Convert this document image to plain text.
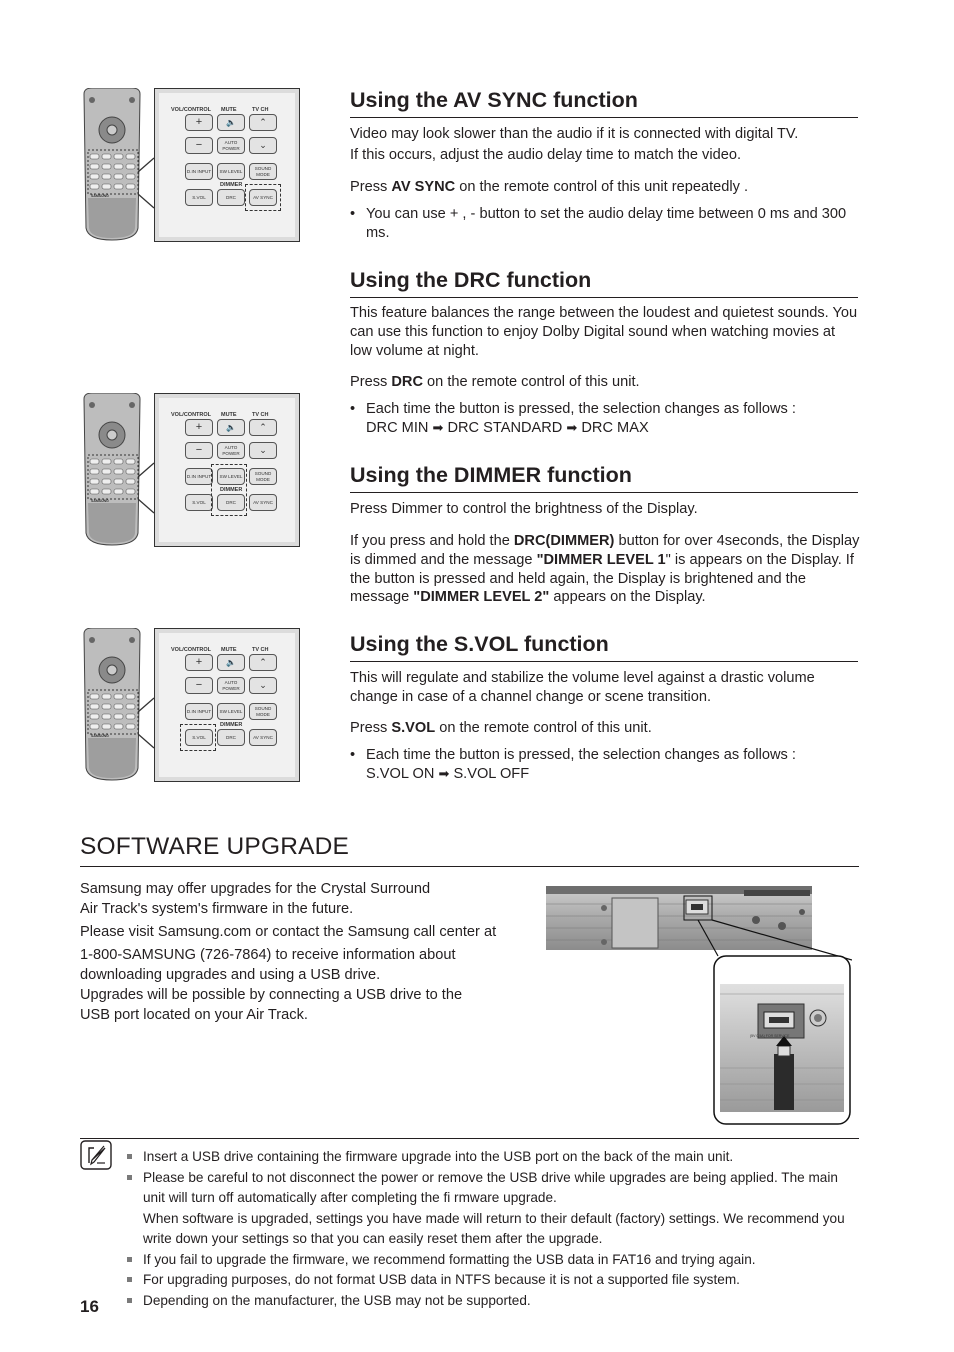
SAMSUNG
VOL/CONTROL MUTE	TV CH
+	🔈	⌃
−	AUTO POWER	⌄
D.IN INPUT	SW LEVEL
SOUND MODE
DIMMER
S.VOL	DRC	AV SYNC
SAMSUNG
VOL/CONTROL MUTE	TV CH
+	🔈	⌃
−	AUTO POWER	⌄
D.IN INPUT	SW LEVEL
SOUND MODE
DIMMER
S.VOL	DRC	AV SYNC
SAMSUNG
VOL/CONTROL MUTE	TV CH
+	🔈	⌃
−	AUTO POWER	⌄
D.IN INPUT	SW LEVEL
SOUND MODE
DIMMER
S.VOL	DRC	AV SYNC
Using the AV SYNC function

Video may look slower than the audio if it is connected with digital TV.

If this occurs, adjust the audio delay time to match the video.

Press AV SYNC on the remote control of this unit repeatedly .

• You can use + , - button to set the audio delay time between 0 ms and 300 ms.

Using the DRC function

This feature balances the range between the loudest and quietest sounds. You can use this function to enjoy Dolby Digital sound when watching movies at low volume at night.

Press DRC on the remote control of this unit.

• Each time the button is pressed, the selection changes as follows :
DRC MIN ➡ DRC STANDARD ➡ DRC MAX

Using the DIMMER function

Press Dimmer to control the brightness of the Display.

If you press and hold the DRC(DIMMER) button for over 4seconds, the Display is dimmed and the message "DIMMER LEVEL 1" is appears on the Display. If the button is pressed and held again, the Display is brightened and the message "DIMMER LEVEL 2" appears on the Display.

Using the S.VOL function

This will regulate and stabilize the volume level against a drastic volume change in case of a channel change or scene transition.

Press S.VOL on the remote control of this unit.

• Each time the button is pressed, the selection changes as follows :
S.VOL ON ➡ S.VOL OFF

SOFTWARE UPGRADE

Samsung may offer upgrades for the Crystal Surround

Air Track's system's firmware in the future.

Please visit Samsung.com or contact the Samsung call center at

1-800-SAMSUNG (726-7864) to receive information about

downloading upgrades and using a USB drive.

Upgrades will be possible by connecting a USB drive to the

USB port located on your Air Track.

(5V 0.5A) FOR SERVICE
Insert a USB drive containing the firmware upgrade into the USB port on the back of the main unit.
Please be careful to not disconnect the power or remove the USB drive while upgrades are being applied. The main unit will turn off automatically after completing the fi rmware upgrade.
When software is upgraded, settings you have made will return to their default (factory) settings. We recommend you write down your settings so that you can easily reset them after the upgrade.
If you fail to upgrade the firmware, we recommend formatting the USB data in FAT16 and trying again.
For upgrading purposes, do not format USB data in NTFS because it is not a supported file system.
Depending on the manufacturer, the USB may not be supported.
16
